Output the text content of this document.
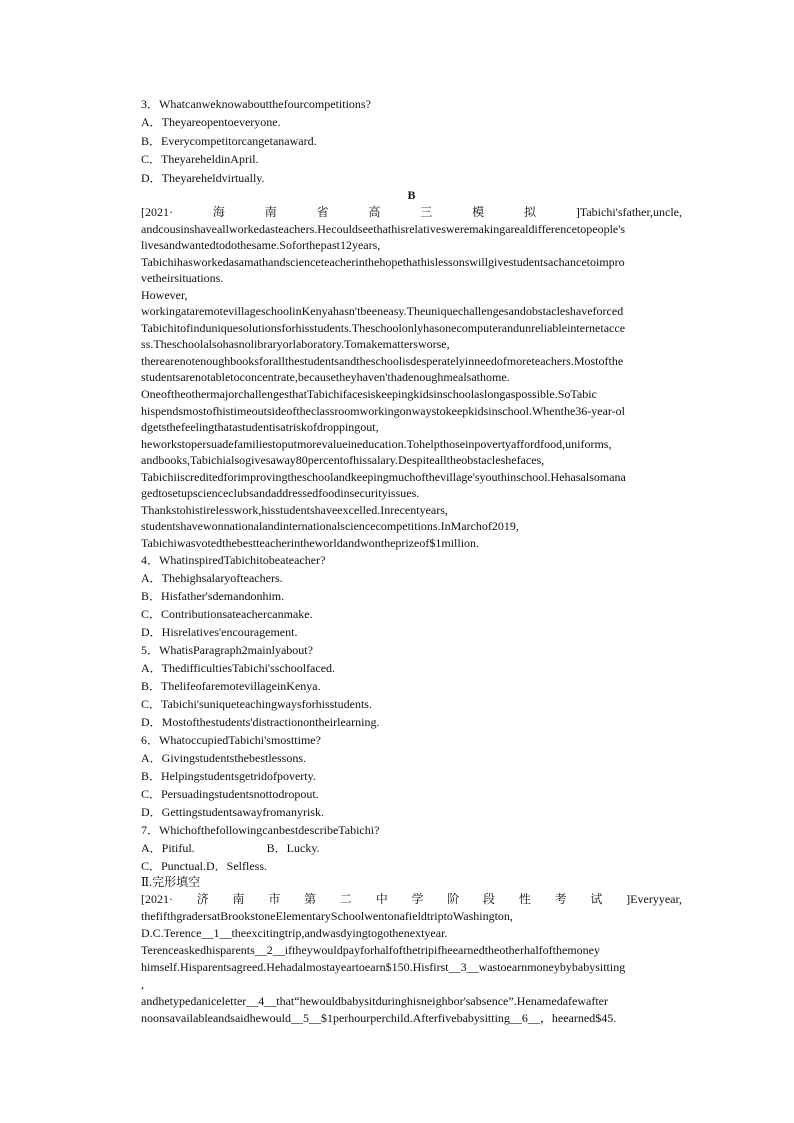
3．Whatcanweknowaboutthefourcompetitions?
A．Theyareopentoeveryone.
B．Everycompetitorcangetanaward.
C．TheyareheldinApril.
D．Theyareheldvirtually.
B
[2021·海南省高三模拟]Tabichi'sfather,uncle,
andcousinshaveallworkedasteachers.Hecouldseethathisrelativesweremakingarealdifferencetopeople's
livesandwantedtodothesame.Soforthepast12years,
Tabichihasworkedasamathandscienceteacherinthehopethathislessonswillgivestudentsachancetoimpro
vetheirsituations.
However,
workingataremotevillageschoolinKenyahasn'tbeeneasy.Theuniquechallengesandobstacleshaveforced
Tabichitofinduniquesolutionsforhisstudents.Theschoolonlyhasonecomputerandunreliableinternetacce
ss.Theschoolalsohasnolibraryorlaboratory.Tomakemattersworse,
therearenotenoughbooksforallthestudentsandtheschoolisdesperatelyinneedofmoreteachers.Mostofthe
studentsarenotabletoconcentrate,becausetheyhaven'thadenoughmealsathome.
OneoftheothermajorchallengesthatTabichifacesiskeepingkidsinschoolaslongaspossible.SoTabic
hispendsmostofhistimeoutsideoftheclassroomworkingonwaystokeepkidsinschool.Whenthe36-year-ol
dgetsthefeelingthatastudentisatriskofdroppingout,
heworkstopersuadefamiliestoputmorevalueineducation.Tohelpthoseinpovertyaffordfood,uniforms,
andbooks,Tabichialsogivesaway80percentofhissalary.Despitealltheobstacleshefaces,
Tabichiiscreditedforimprovingtheschoolandkeepingmuchofthevillage'syouthinschool.Hehasalsomana
gedtosetupscienceclubsandaddressedfoodinsecurityissues.
Thankstohistirelesswork,hisstudentshaveexcelled.Inrecentyears,
studentshavewonnationalandinternationalsciencecompetitions.InMarchof2019,
Tabichiwasvotedthebestteacherintheworldandwontheprizeof$1million.
4．WhatinspiredTabichitobeateacher?
A．Thehighsalaryofteachers.
B．Hisfather'sdemandonhim.
C．Contributionsateachercanmake.
D．Hisrelatives'encouragement.
5．WhatisParagraph2mainlyabout?
A．ThedifficultiesTabichi'sschoolfaced.
B．ThelifeofaremotevillageinKenya.
C．Tabichi'suniqueteachingwaysforhisstudents.
D．Mostofthestudents'distractionontheirlearning.
6．WhatoccupiedTabichi'smosttime?
A．Givingstudentsthebestlessons.
B．Helpingstudentsgetridofpoverty.
C．Persuadingstudentsnottodropout.
D．Gettingstudentsawayfromanyrisk.
7．WhichofthefollowingcanbestdescribeTabichi?
A．Pitiful.                        B．Lucky.
C．Punctual.D．Selfless.
Ⅱ.完形填空
[2021·济南市第二中学阶段性考试]Everyyear,
thefifthgradersatBrookstoneElementarySchoolwentonafieldtriptoWashington,
D.C.Terence__1__theexcitingtrip,andwasdyingtogothenextyear.
Terenceaskedhisparents__2__iftheywouldpayforhalfofthetripifheearnedtheotherhalfofthemoney
himself.Hisparentsagreed.Hehadalmostayeartoearn$150.Hisfirst__3__wastoearnmoneybybabysitting
,
andhetypedaniceletter__4__that“hewouldbabysitduringhisneighbor'sabsence”.Henamedafewafter
noonsavailableandsaidhewould__5__$1perhourperchild.Afterfivebabysitting__6__，heearned$45.
